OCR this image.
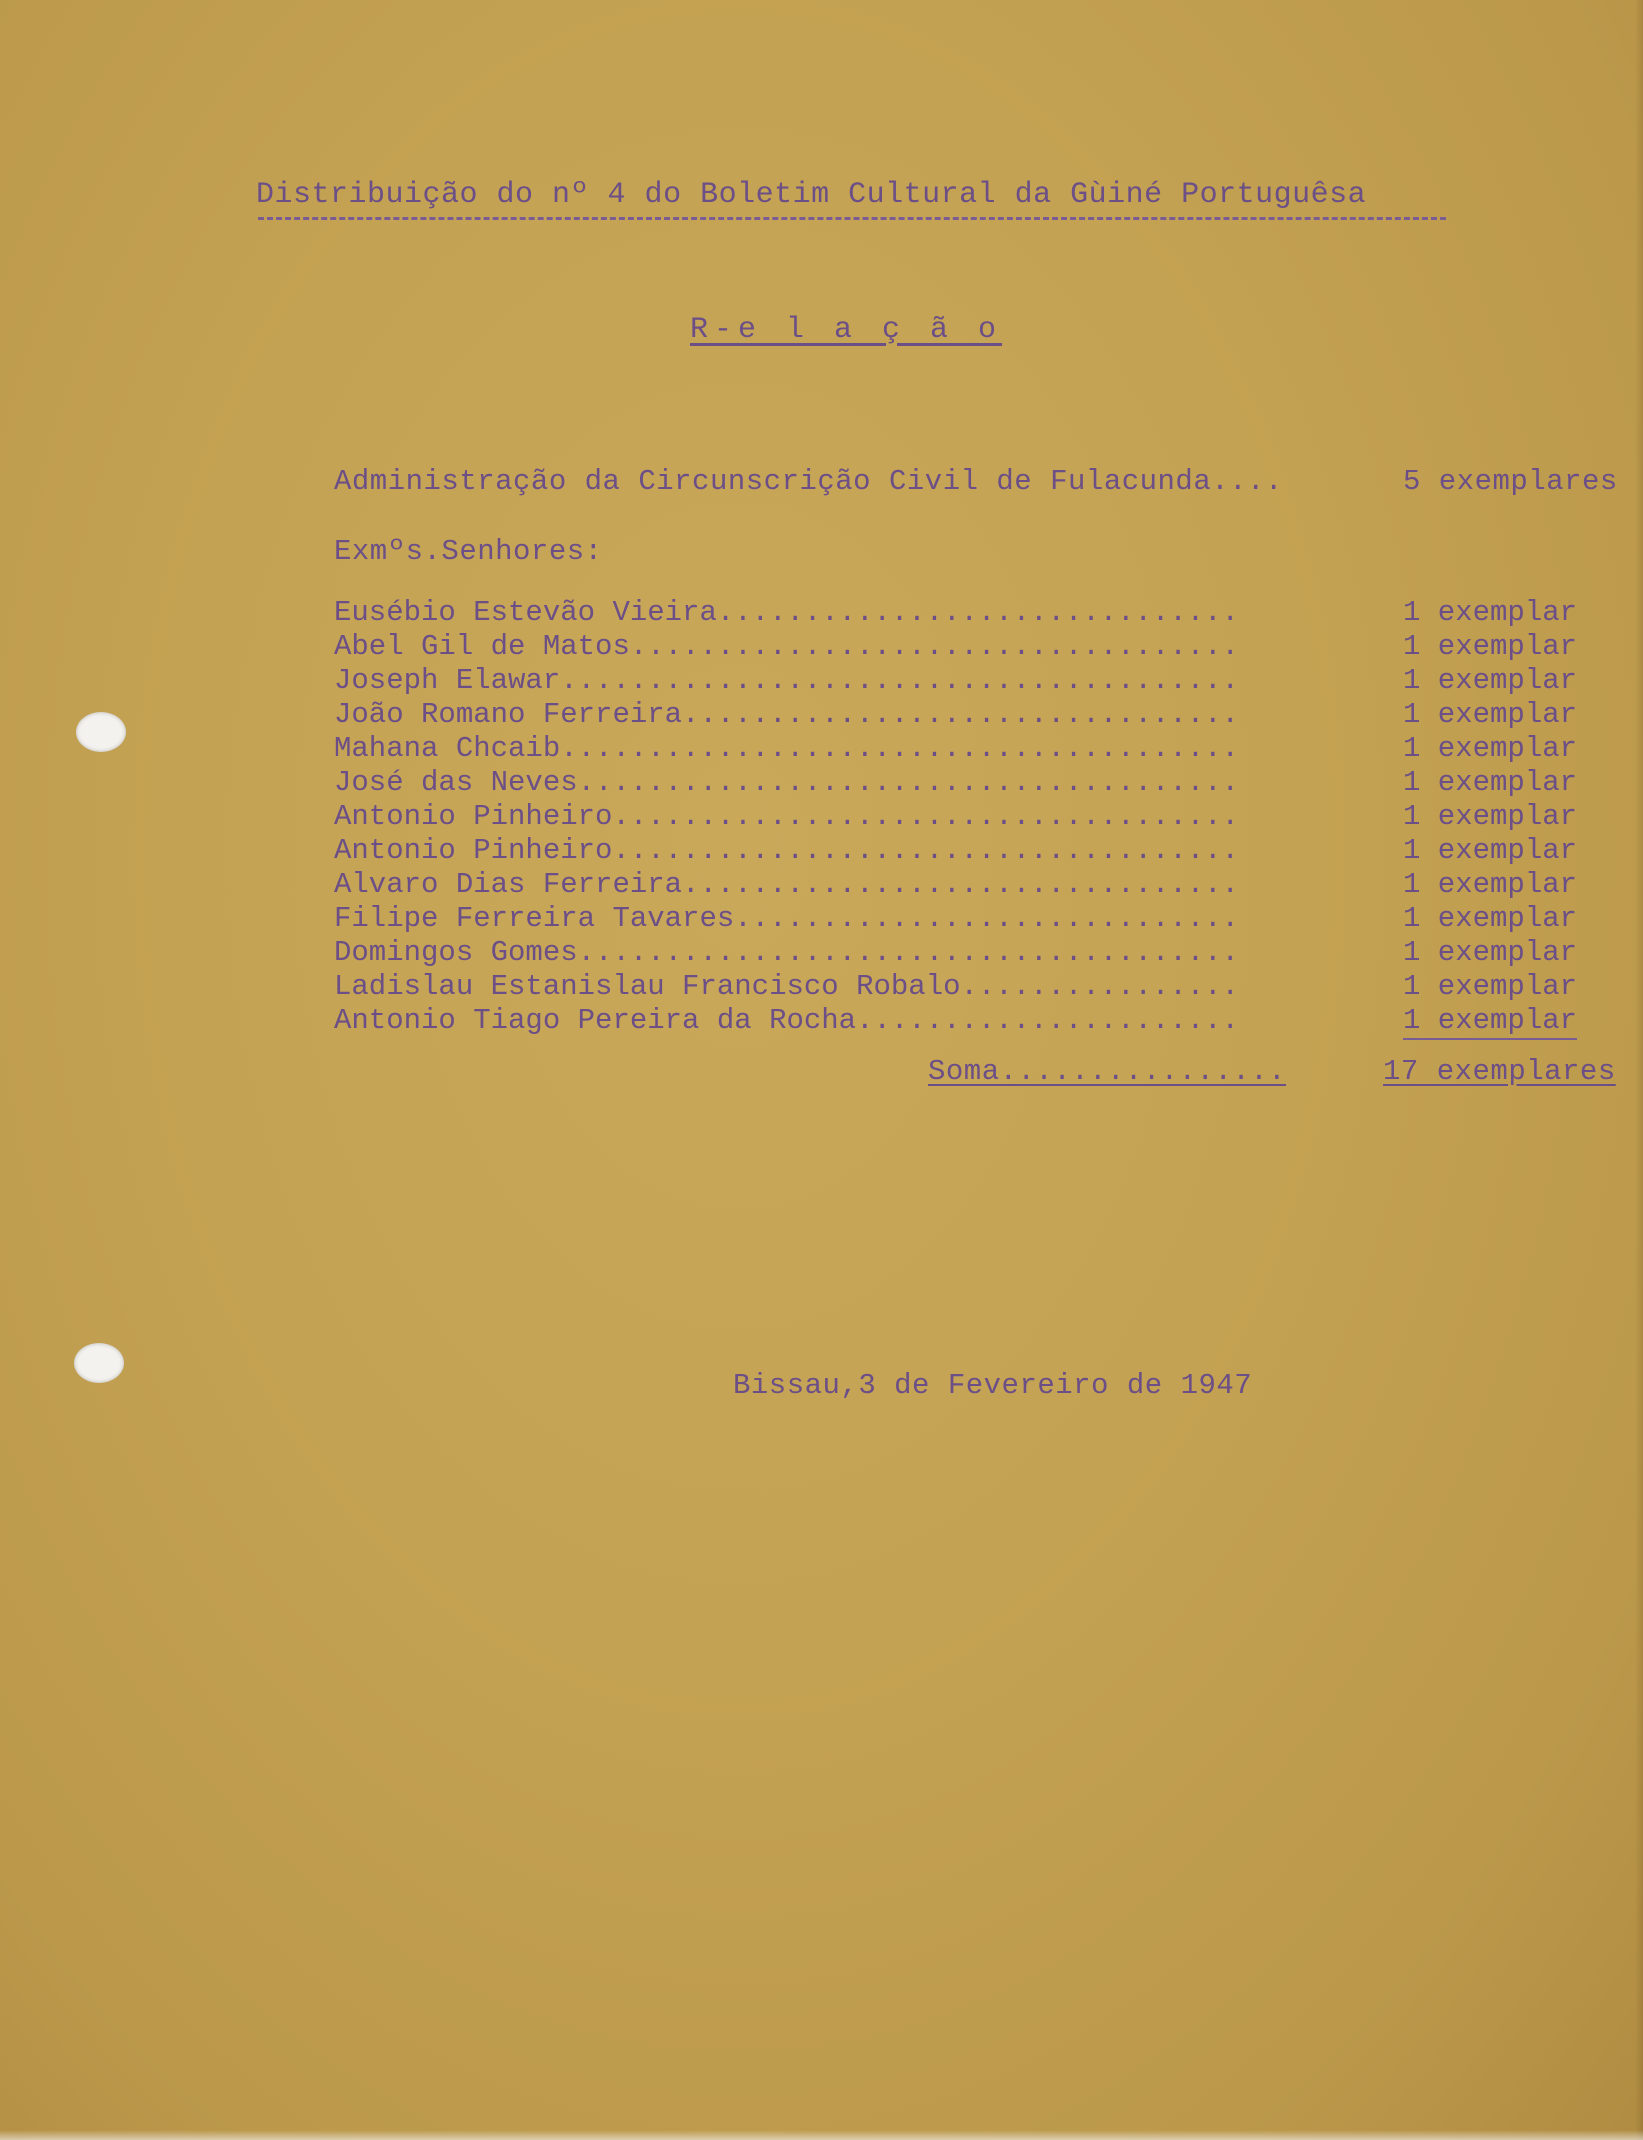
Distribuição do nº 4 do Boletim Cultural da Gùiné Portuguêsa
R-e l a ç ã o
Administração da Circunscrição Civil de Fulacunda....	5 exemplares
Exmºs.Senhores:
Eusébio Estevão Vieira..............................	1 exemplar
Abel Gil de Matos...................................	1 exemplar
Joseph Elawar.......................................	1 exemplar
João Romano Ferreira................................	1 exemplar
Mahana Chcaib.......................................	1 exemplar
José das Neves......................................	1 exemplar
Antonio Pinheiro....................................	1 exemplar
Antonio Pinheiro....................................	1 exemplar
Alvaro Dias Ferreira................................	1 exemplar
Filipe Ferreira Tavares.............................	1 exemplar
Domingos Gomes......................................	1 exemplar
Ladislau Estanislau Francisco Robalo................	1 exemplar
Antonio Tiago Pereira da Rocha......................	1 exemplar
Soma................	17 exemplares
Bissau,3 de Fevereiro de 1947
